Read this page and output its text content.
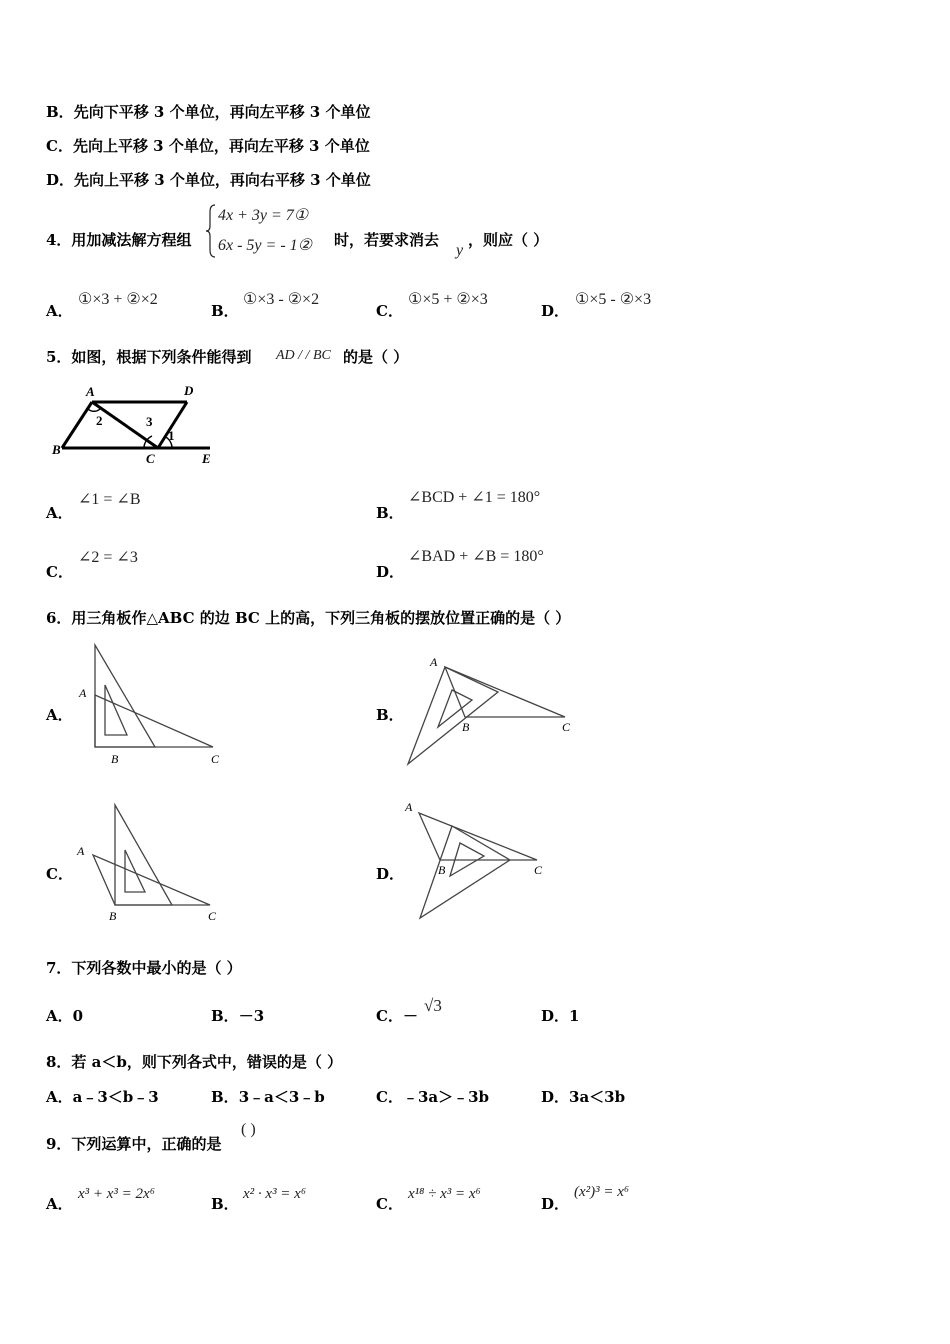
B．先向下平移 3 个单位，再向左平移 3 个单位
C．先向上平移 3 个单位，再向左平移 3 个单位
D．先向上平移 3 个单位，再向右平移 3 个单位
4．用加减法解方程组
4x + 3y = 7①
6x - 5y = - 1② 时，若要求消去
y
，则应（ ）
A．
①×3 + ②×2
B．
①×3 - ②×2
C．
①×5 + ②×3
D．
①×5 - ②×3
5．如图，根据下列条件能得到 AD / / BC 的是（ ）
A	D
B
C	E
2	3
1
A．
∠1 = ∠B
B．
∠BCD + ∠1 = 180°
C．
∠2 = ∠3
D．
∠BAD + ∠B = 180°
6．用三角板作△ABC 的边 BC 上的高，下列三角板的摆放位置正确的是（ ）
A．
A
B	C
B．
A
B	C
C．
A
B	C
D．
A
B	C
7．下列各数中最小的是（ ）
A．0	B．－3	C．－
√3
D．1
8．若 a＜b，则下列各式中，错误的是（ ）
A．a﹣3＜b﹣3	B．3﹣a＜3﹣b	C．﹣3a＞﹣3b	D．3a＜3b
9．下列运算中，正确的是
( )
A．
x³ + x³ = 2x⁶
B．
x² · x³ = x⁶
C．
x¹⁸ ÷ x³ = x⁶
D．
(x²)³ = x⁶
